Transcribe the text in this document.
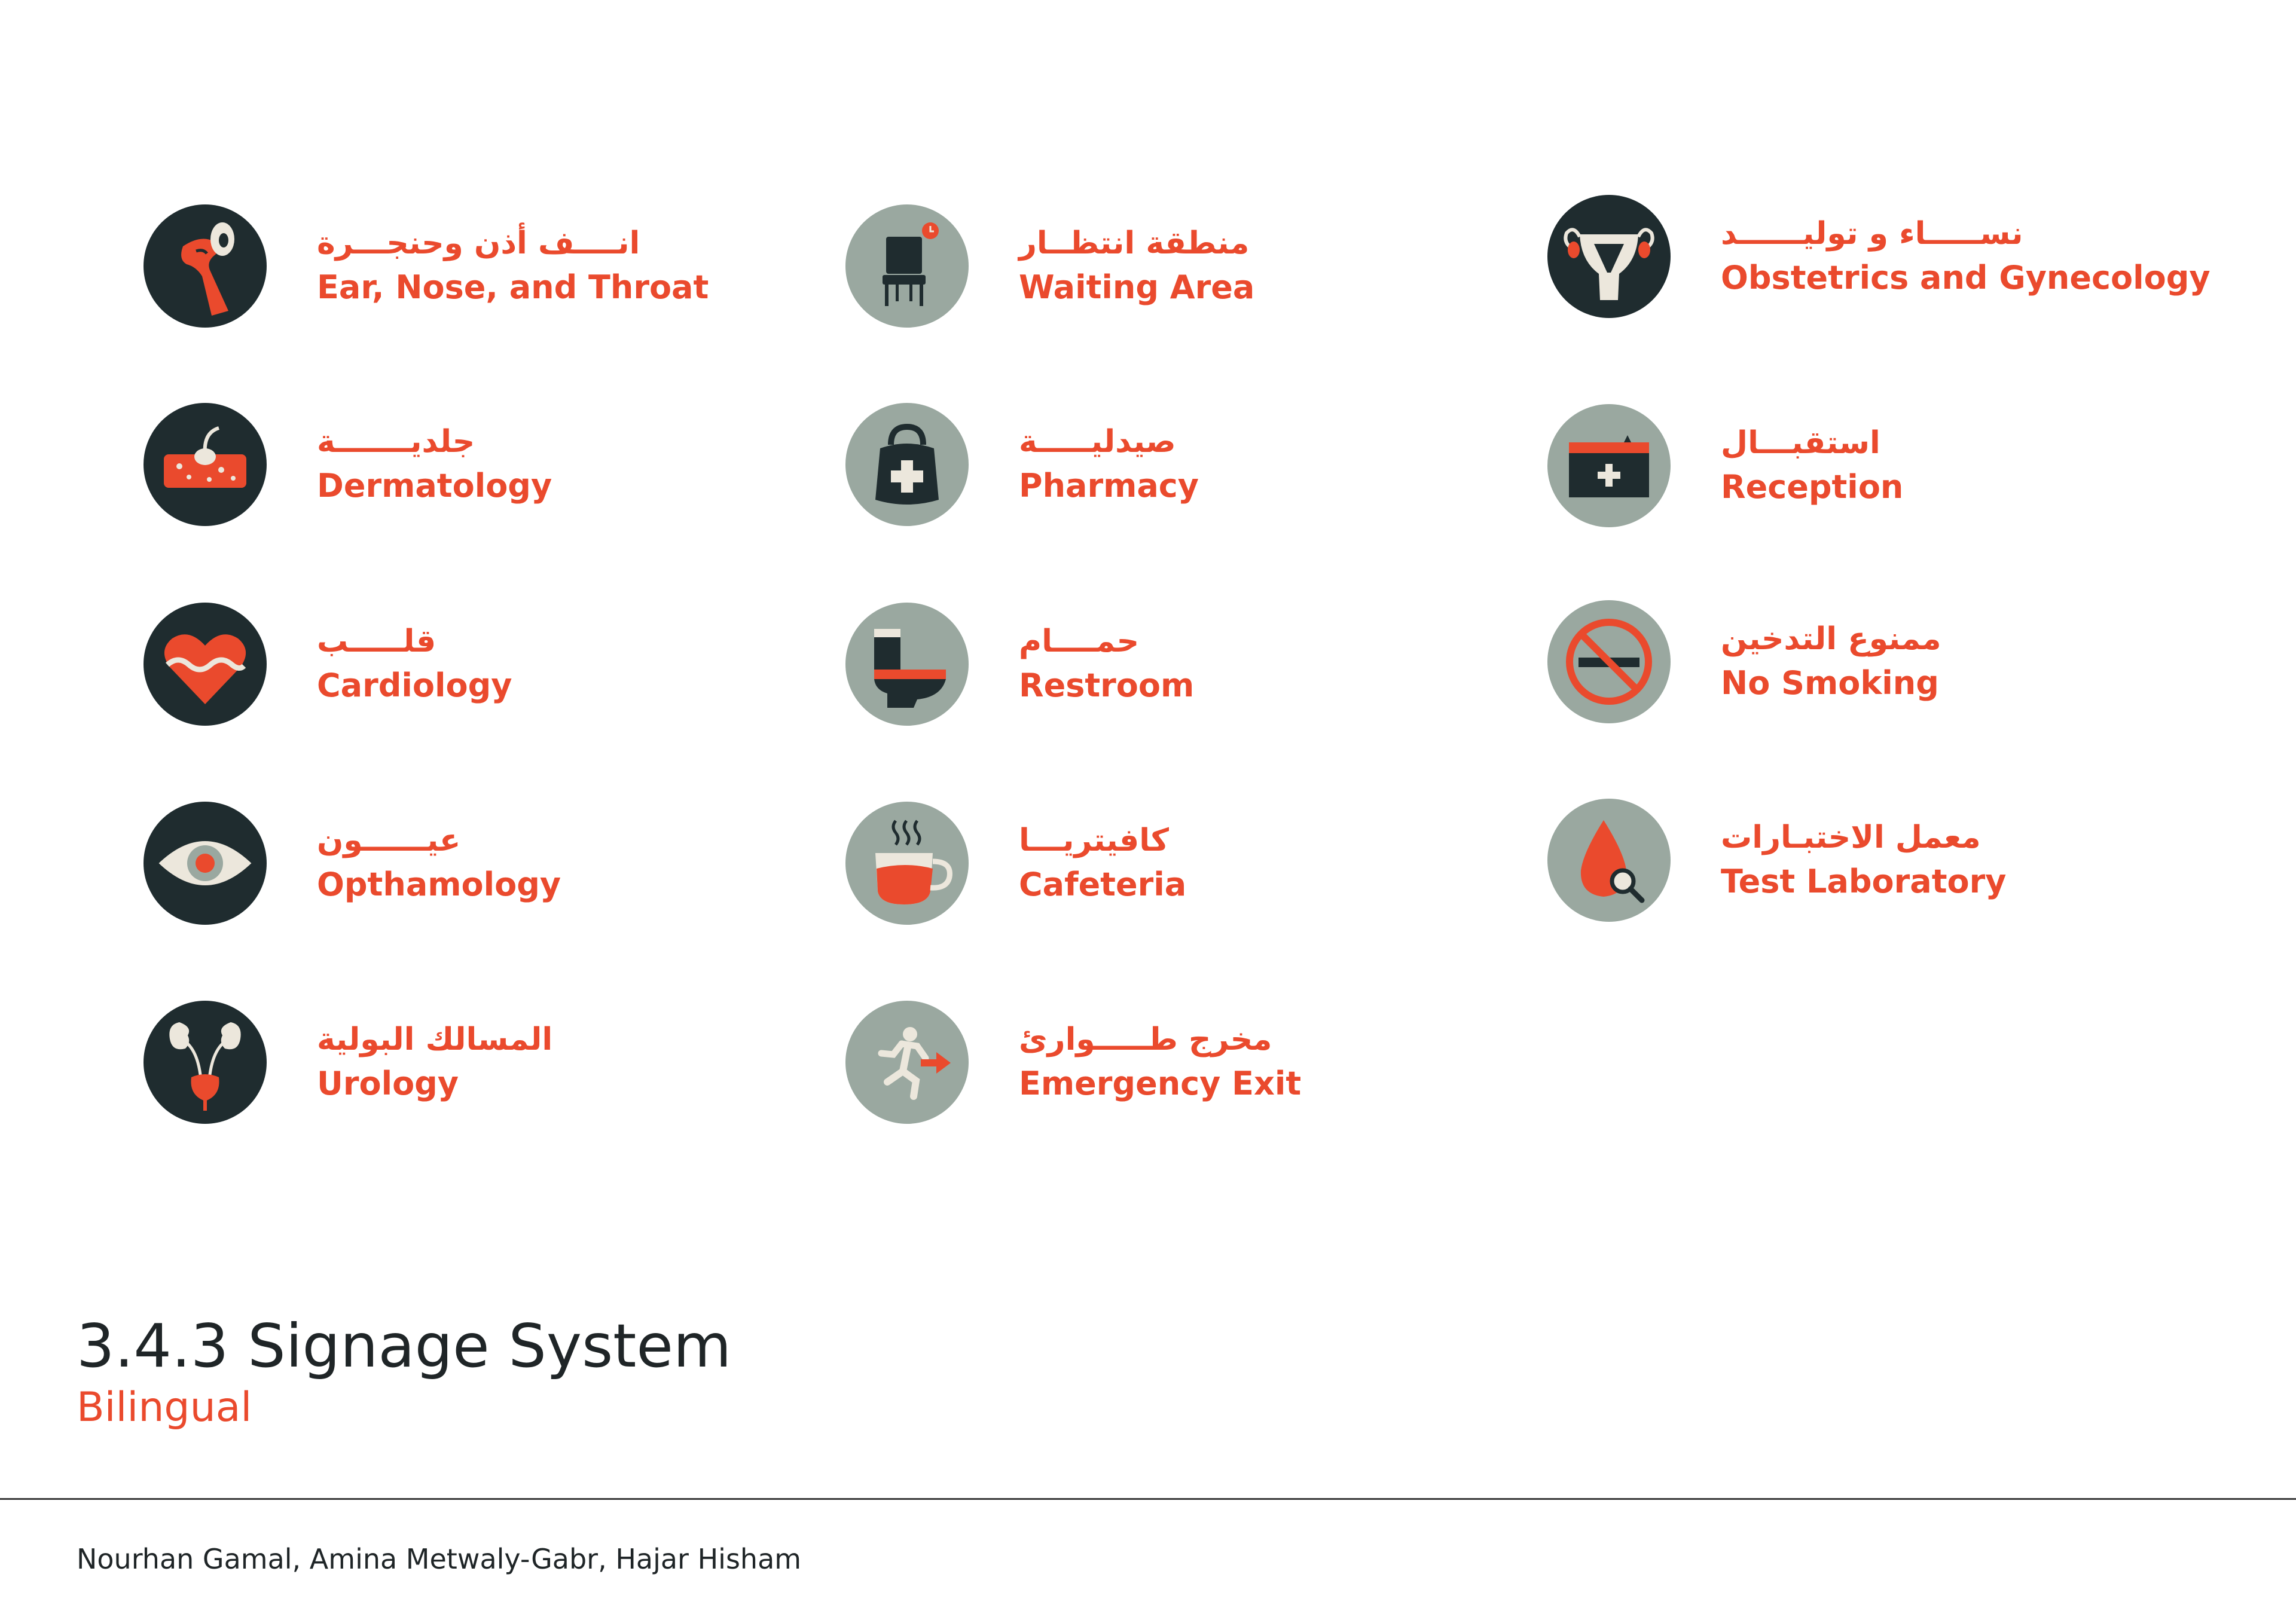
انــــف أذن وحنجـــرة
Ear, Nose, and Throat
جلديـــــــة
Dermatology
قلـــــب
Cardiology
عيــــــون
Opthamology
المسالك البولية
Urology
منطقة انتظــار
Waiting Area
صيدليـــــة
Pharmacy
حمــــام
Restroom
كافيتريـــا
Cafeteria
مخرج طـــــوارئ
Emergency Exit
نســـــاء و توليــــــد
Obstetrics and Gynecology
استقبـــال
Reception
ممنوع التدخين
No Smoking
معمل الاختبـارات
Test Laboratory
3.4.3 Signage System
Bilingual
Nourhan Gamal, Amina Metwaly-Gabr, Hajar Hisham
